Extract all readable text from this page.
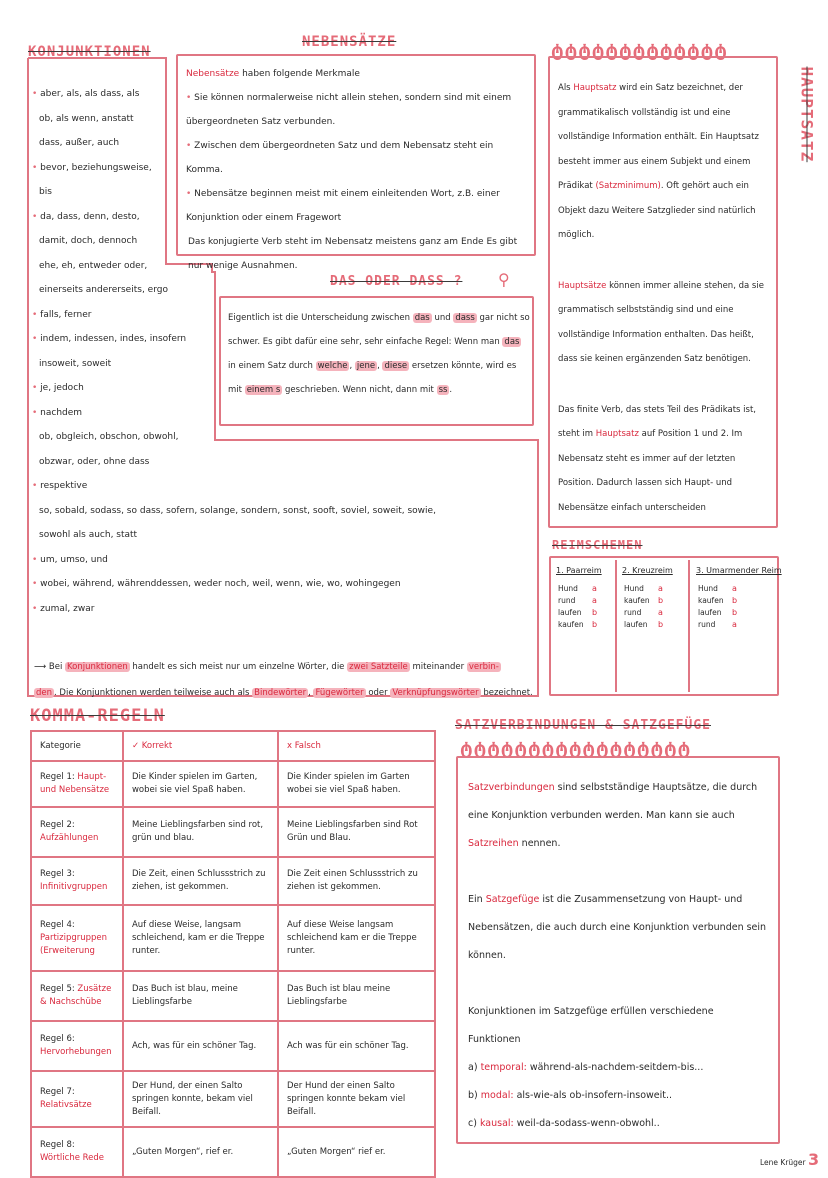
KONJUNKTIONEN
• aber, als, als dass, als
ob, als wenn, anstatt
dass, außer, auch
• bevor, beziehungsweise,
bis
• da, dass, denn, desto,
damit, doch, dennoch
ehe, eh, entweder oder,
einerseits andererseits, ergo
• falls, ferner
• indem, indessen, indes, insofern
insoweit, soweit
• je, jedoch
• nachdem
ob, obgleich, obschon, obwohl,
obzwar, oder, ohne dass
• respektive
so, sobald, sodass, so dass, sofern, solange, sondern, sonst, sooft, soviel, soweit, sowie,
sowohl als auch, statt
• um, umso, und
• wobei, während, währenddessen, weder noch, weil, wenn, wie, wo, wohingegen
• zumal, zwar
⟶ Bei Konjunktionen handelt es sich meist nur um einzelne Wörter, die zwei Satzteile miteinander verbin-
den . Die Konjunktionen werden teilweise auch als Bindewörter , Fügewörter oder Verknüpfungswörter bezeichnet.
NEBENSÄTZE
Nebensätze haben folgende Merkmale
• Sie können normalerweise nicht allein stehen, sondern sind mit einem übergeordneten Satz verbunden.
• Zwischen dem übergeordneten Satz und dem Nebensatz steht ein Komma.
• Nebensätze beginnen meist mit einem einleitenden Wort, z.B. einer Konjunktion oder einem Fragewort
Das konjugierte Verb steht im Nebensatz meistens ganz am Ende Es gibt nur wenige Ausnahmen.
DAS ODER DASS ? ⚲
Eigentlich ist die Unterscheidung zwischen das und dass gar nicht so schwer. Es gibt dafür eine sehr, sehr einfache Regel: Wenn man das in einem Satz durch welche , jene , diese ersetzen könnte, wird es mit einem s geschrieben. Wenn nicht, dann mit ss .
ტტტტტტტტტტტტტ
HAUPTSATZ
Als Hauptsatz wird ein Satz bezeichnet, der grammatikalisch vollständig ist und eine vollständige Information enthält. Ein Hauptsatz besteht immer aus einem Subjekt und einem Prädikat (Satzminimum). Oft gehört auch ein Objekt dazu Weitere Satzglieder sind natürlich möglich.
Hauptsätze können immer alleine stehen, da sie grammatisch selbstständig sind und eine vollständige Information enthalten. Das heißt, dass sie keinen ergänzenden Satz benötigen.
Das finite Verb, das stets Teil des Prädikats ist, steht im Hauptsatz auf Position 1 und 2. Im Nebensatz steht es immer auf der letzten Position. Dadurch lassen sich Haupt- und Nebensätze einfach unterscheiden
REIMSCHEMEN
1. Paarreim
Hund a
rund a
laufen b
kaufen b
2. Kreuzreim
Hund a
kaufen b
rund a
laufen b
3. Umarmender Reim
Hund a
kaufen b
laufen b
rund a
KOMMA-REGELN
Kategorie	✓ Korrekt	x Falsch
Regel 1: Haupt- und Nebensätze	Die Kinder spielen im Garten, wobei sie viel Spaß haben.	Die Kinder spielen im Garten wobei sie viel Spaß haben.
Regel 2: Aufzählungen	Meine Lieblingsfarben sind rot, grün und blau.	Meine Lieblingsfarben sind Rot Grün und Blau.
Regel 3: Infinitivgruppen	Die Zeit, einen Schlussstrich zu ziehen, ist gekommen.	Die Zeit einen Schlussstrich zu ziehen ist gekommen.
Regel 4: Partizipgruppen (Erweiterung	Auf diese Weise, langsam schleichend, kam er die Treppe runter.	Auf diese Weise langsam schleichend kam er die Treppe runter.
Regel 5: Zusätze & Nachschübe	Das Buch ist blau, meine Lieblingsfarbe	Das Buch ist blau meine Lieblingsfarbe
Regel 6: Hervorhebungen	Ach, was für ein schöner Tag.	Ach was für ein schöner Tag.
Regel 7: Relativsätze	Der Hund, der einen Salto springen konnte, bekam viel Beifall.	Der Hund der einen Salto springen konnte bekam viel Beifall.
Regel 8: Wörtliche Rede	„Guten Morgen“, rief er.	„Guten Morgen“ rief er.
SATZVERBINDUNGEN & SATZGEFÜGE
ტტტტტტტტტტტტტტტტტ

Satzverbindungen sind selbstständige Hauptsätze, die durch eine Konjunktion verbunden werden. Man kann sie auch Satzreihen nennen.

Ein Satzgefüge ist die Zusammensetzung von Haupt- und Nebensätzen, die auch durch eine Konjunktion verbunden sein können.

Konjunktionen im Satzgefüge erfüllen verschiedene Funktionen

a) temporal: während-als-nachdem-seitdem-bis...
b) modal: als-wie-als ob-insofern-insoweit..
c) kausal: weil-da-sodass-wenn-obwohl..
Lene Krüger 3
